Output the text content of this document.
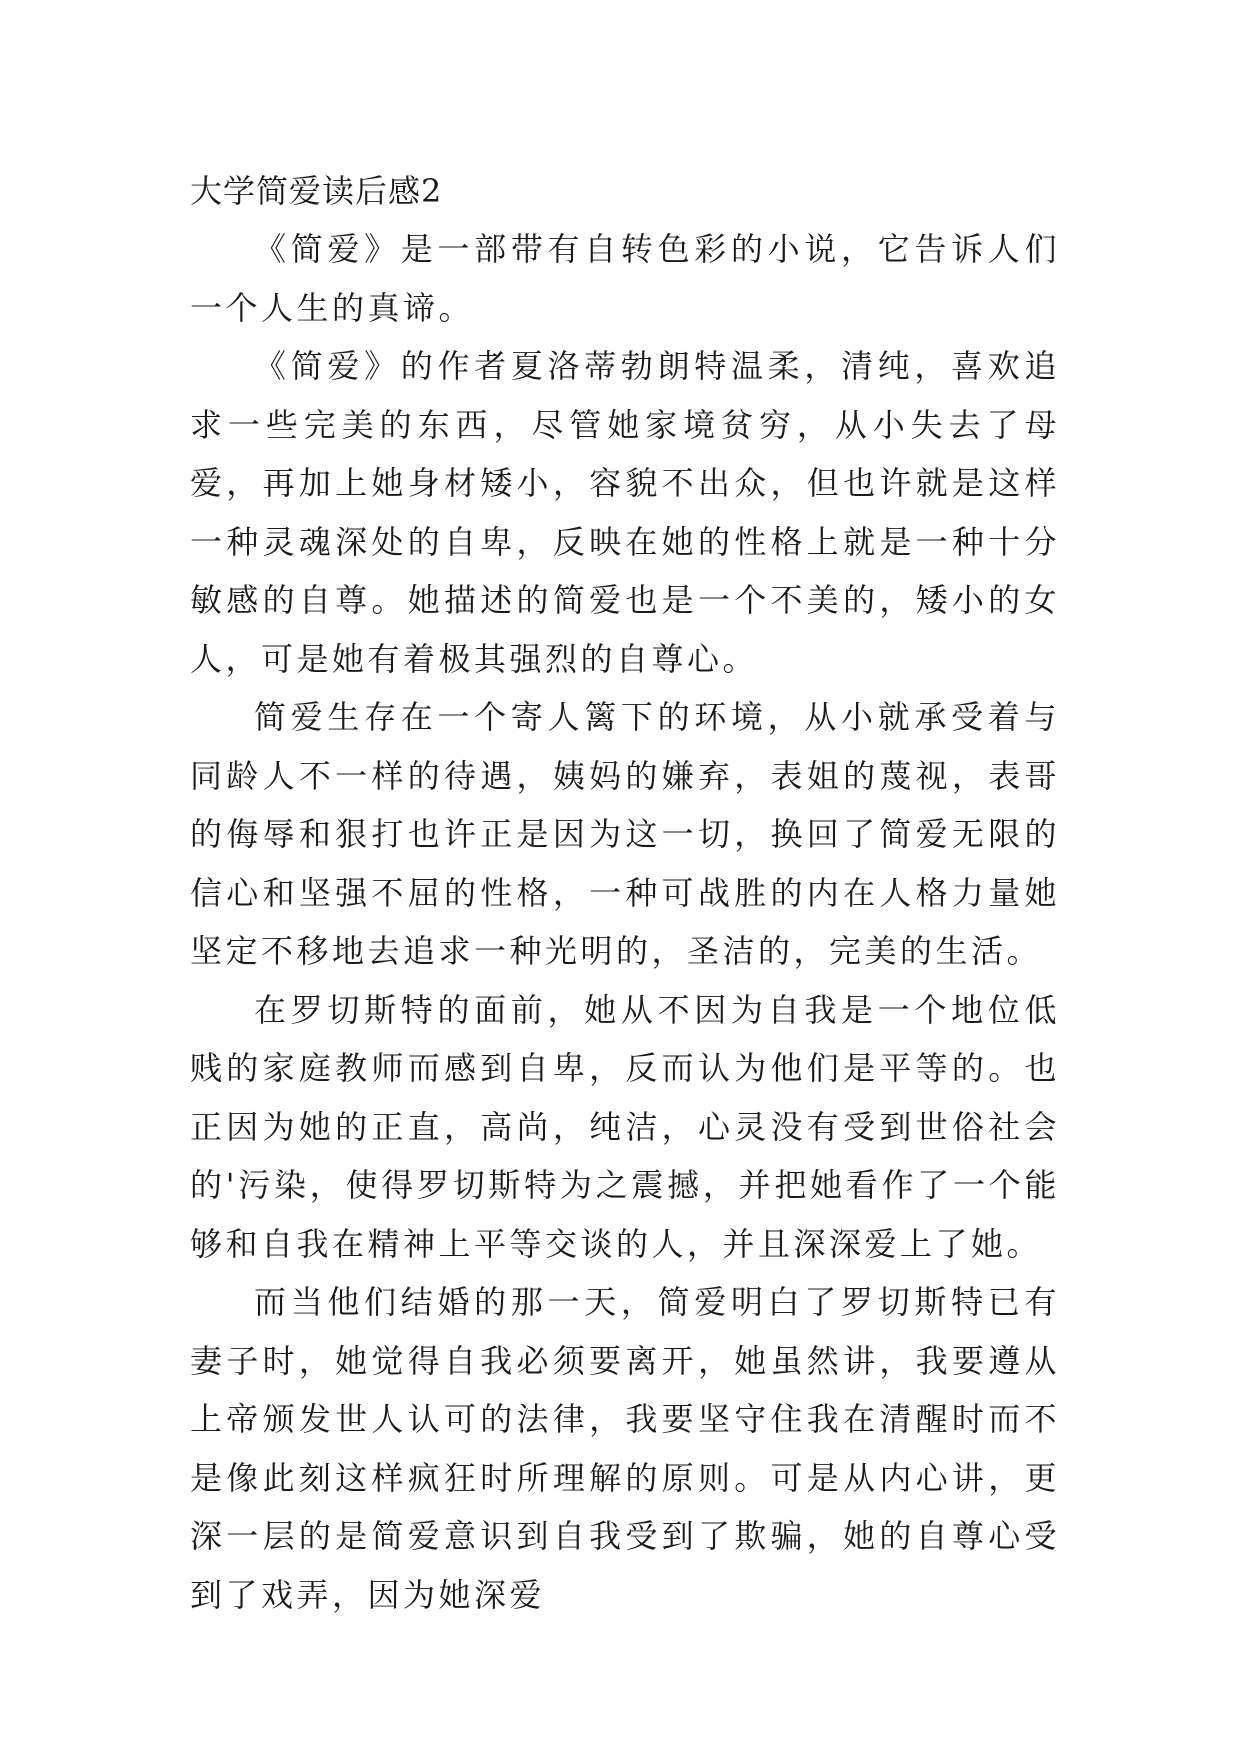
大学简爱读后感2

《简爱》是一部带有自转色彩的小说，它告诉人们一个人生的真谛。

《简爱》的作者夏洛蒂勃朗特温柔，清纯，喜欢追求一些完美的东西，尽管她家境贫穷，从小失去了母爱，再加上她身材矮小，容貌不出众，但也许就是这样一种灵魂深处的自卑，反映在她的性格上就是一种十分敏感的自尊。她描述的简爱也是一个不美的，矮小的女人，可是她有着极其强烈的自尊心。

简爱生存在一个寄人篱下的环境，从小就承受着与同龄人不一样的待遇，姨妈的嫌弃，表姐的蔑视，表哥的侮辱和狠打也许正是因为这一切，换回了简爱无限的信心和坚强不屈的性格，一种可战胜的内在人格力量她坚定不移地去追求一种光明的，圣洁的，完美的生活。

在罗切斯特的面前，她从不因为自我是一个地位低贱的家庭教师而感到自卑，反而认为他们是平等的。也正因为她的正直，高尚，纯洁，心灵没有受到世俗社会的'污染，使得罗切斯特为之震撼，并把她看作了一个能够和自我在精神上平等交谈的人，并且深深爱上了她。

而当他们结婚的那一天，简爱明白了罗切斯特已有妻子时，她觉得自我必须要离开，她虽然讲，我要遵从上帝颁发世人认可的法律，我要坚守住我在清醒时而不是像此刻这样疯狂时所理解的原则。可是从内心讲，更深一层的是简爱意识到自我受到了欺骗，她的自尊心受到了戏弄，因为她深爱
